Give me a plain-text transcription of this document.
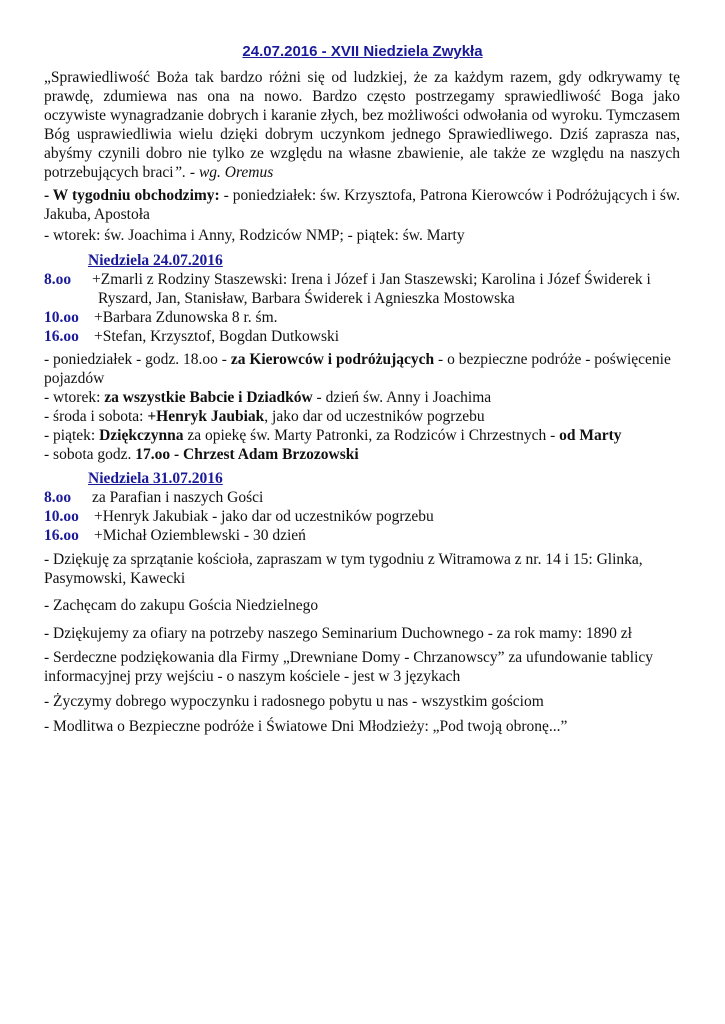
24.07.2016 - XVII Niedziela Zwykła
„Sprawiedliwość Boża tak bardzo różni się od ludzkiej, że za każdym razem, gdy odkrywamy tę prawdę, zdumiewa nas ona na nowo. Bardzo często postrzegamy sprawiedliwość Boga jako oczywiste wynagradzanie dobrych i karanie złych, bez możliwości odwołania od wyroku. Tymczasem Bóg usprawiedliwia wielu dzięki dobrym uczynkom jednego Sprawiedliwego. Dziś zaprasza nas, abyśmy czynili dobro nie tylko ze względu na własne zbawienie, ale także ze względu na naszych potrzebujących braci”. - wg. Oremus
- W tygodniu obchodzimy: - poniedziałek: św. Krzysztofa, Patrona Kierowców i Podróżujących i św. Jakuba, Apostoła
- wtorek: św. Joachima i Anny, Rodziców NMP; - piątek: św. Marty
Niedziela 24.07.2016
8.oo +Zmarli z Rodziny Staszewski: Irena i Józef i Jan Staszewski; Karolina i Józef Świderek i
Ryszard, Jan, Stanisław, Barbara Świderek i Agnieszka Mostowska
10.oo +Barbara Zdunowska 8 r. śm.
16.oo +Stefan, Krzysztof, Bogdan Dutkowski
- poniedziałek - godz. 18.oo - za Kierowców i podróżujących - o bezpieczne podróże - poświęcenie pojazdów
- wtorek: za wszystkie Babcie i Dziadków - dzień św. Anny i Joachima
- środa i sobota: +Henryk Jaubiak, jako dar od uczestników pogrzebu
- piątek: Dziękczynna za opiekę św. Marty Patronki, za Rodziców i Chrzestnych - od Marty
- sobota godz. 17.oo - Chrzest Adam Brzozowski
Niedziela 31.07.2016
8.oo za Parafian i naszych Gości
10.oo +Henryk Jakubiak - jako dar od uczestników pogrzebu
16.oo +Michał Oziemblewski - 30 dzień
- Dziękuję za sprzątanie kościoła, zapraszam w tym tygodniu z Witramowa z nr. 14 i 15: Glinka, Pasymowski, Kawecki
- Zachęcam do zakupu Gościa Niedzielnego
- Dziękujemy za ofiary na potrzeby naszego Seminarium Duchownego - za rok mamy: 1890 zł
- Serdeczne podziękowania dla Firmy „Drewniane Domy - Chrzanowscy” za ufundowanie tablicy informacyjnej przy wejściu - o naszym kościele - jest w 3 językach
- Życzymy dobrego wypoczynku i radosnego pobytu u nas - wszystkim gościom
- Modlitwa o Bezpieczne podróże i Światowe Dni Młodzieży: „Pod twoją obronę...”
